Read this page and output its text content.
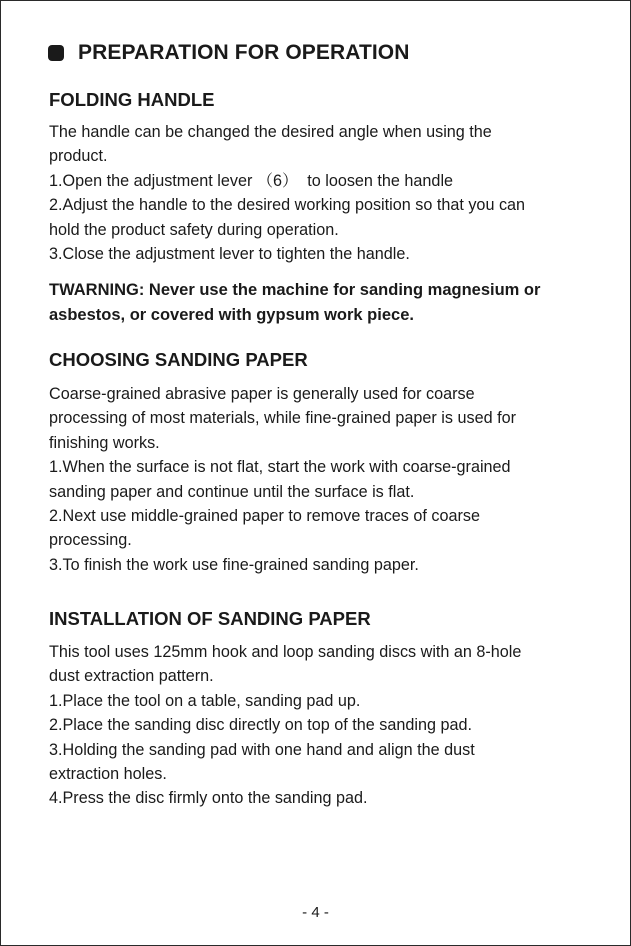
PREPARATION FOR OPERATION
FOLDING HANDLE
The handle can be changed the desired angle when using the
product.
1.Open the adjustment lever （6）  to loosen the handle
2.Adjust the handle to the desired working position so that you can
hold the product safety during operation.
3.Close the adjustment lever to tighten the handle.
TWARNING: Never use the machine for sanding magnesium or
asbestos, or covered with gypsum work piece.
CHOOSING SANDING PAPER
Coarse-grained abrasive paper is generally used for coarse
processing of most materials, while fine-grained paper is used for
finishing works.
1.When the surface is not flat, start the work with coarse-grained
sanding paper and continue until the surface is flat.
2.Next use middle-grained paper to remove traces of coarse
processing.
3.To finish the work use fine-grained sanding paper.
INSTALLATION OF SANDING PAPER
This tool uses 125mm hook and loop sanding discs with an 8-hole
dust extraction pattern.
1.Place the tool on a table, sanding pad up.
2.Place the sanding disc directly on top of the sanding pad.
3.Holding the sanding pad with one hand and align the dust
extraction holes.
4.Press the disc firmly onto the sanding pad.
- 4 -
